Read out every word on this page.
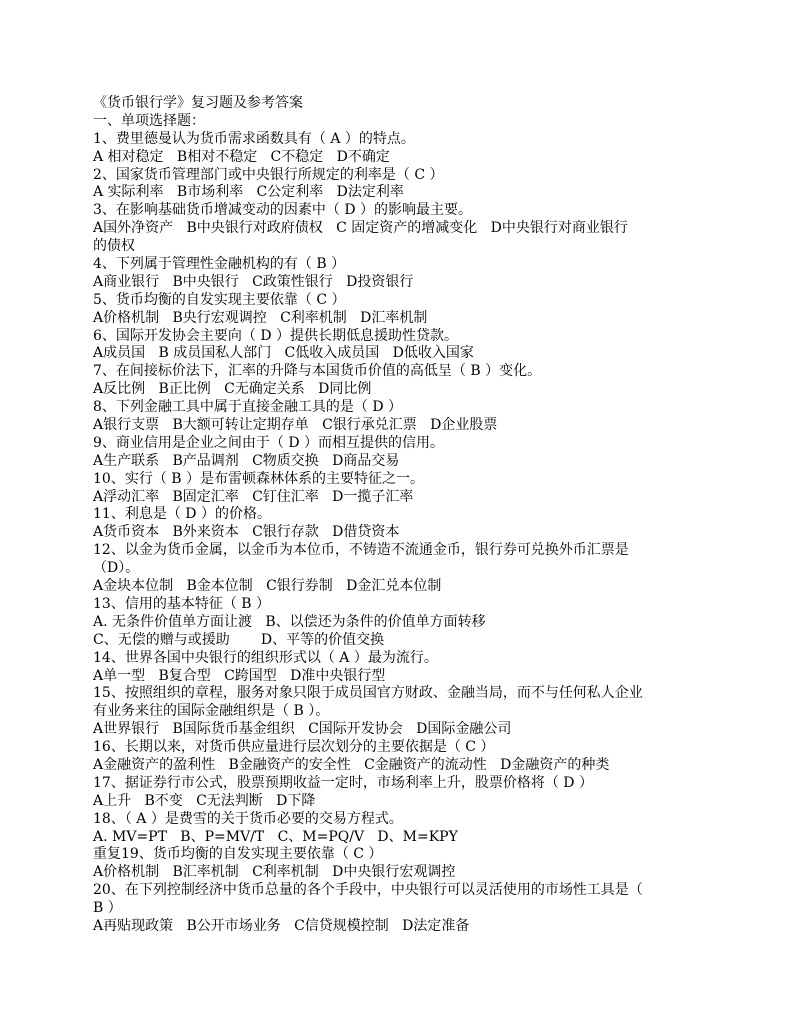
《货币银行学》复习题及参考答案
一、单项选择题：
1、费里德曼认为货币需求函数具有（ A ）的特点。
A 相对稳定   B相对不稳定   C不稳定   D不确定
2、国家货币管理部门或中央银行所规定的利率是（ C ）
A 实际利率   B市场利率   C公定利率   D法定利率
3、在影响基础货币增减变动的因素中（ D ）的影响最主要。
A国外净资产   B中央银行对政府债权   C 固定资产的增减变化   D中央银行对商业银行
的债权
4、下列属于管理性金融机构的有（ B ）
A商业银行   B中央银行   C政策性银行   D投资银行
5、货币均衡的自发实现主要依靠（ C ）
A价格机制   B央行宏观调控   C利率机制   D汇率机制
6、国际开发协会主要向（ D ）提供长期低息援助性贷款。
A成员国   B 成员国私人部门   C低收入成员国   D低收入国家
7、在间接标价法下，汇率的升降与本国货币价值的高低呈（ B ）变化。
A反比例   B正比例   C无确定关系   D同比例
8、下列金融工具中属于直接金融工具的是（ D ）
A银行支票   B大额可转让定期存单   C银行承兑汇票   D企业股票
9、商业信用是企业之间由于（ D ）而相互提供的信用。
A生产联系   B产品调剂   C物质交换   D商品交易
10、实行（ B ）是布雷顿森林体系的主要特征之一。
A浮动汇率   B固定汇率   C钉住汇率   D一揽子汇率
11、利息是（ D ）的价格。
A货币资本   B外来资本   C银行存款   D借贷资本
12、以金为货币金属，以金币为本位币，不铸造不流通金币，银行券可兑换外币汇票是
（D）。
A金块本位制   B金本位制   C银行券制   D金汇兑本位制
13、信用的基本特征（ B ）
A. 无条件价值单方面让渡   B、以偿还为条件的价值单方面转移
C、无偿的赠与或援助       D、平等的价值交换
14、世界各国中央银行的组织形式以（ A ）最为流行。
A单一型   B复合型   C跨国型   D准中央银行型
15、按照组织的章程，服务对象只限于成员国官方财政、金融当局，而不与任何私人企业
有业务来往的国际金融组织是（ B ）。
A世界银行   B国际货币基金组织   C国际开发协会   D国际金融公司
16、长期以来，对货币供应量进行层次划分的主要依据是（ C ）
A金融资产的盈利性   B金融资产的安全性   C金融资产的流动性   D金融资产的种类
17、据证券行市公式，股票预期收益一定时，市场利率上升，股票价格将（ D ）
A上升   B不变   C无法判断   D下降
18、（ A ）是费雪的关于货币必要的交易方程式。
A. MV=PT   B、P=MV/T   C、M=PQ/V   D、M=KPY
重复19、货币均衡的自发实现主要依靠（ C ）
A价格机制   B汇率机制   C利率机制   D中央银行宏观调控
20、在下列控制经济中货币总量的各个手段中，中央银行可以灵活使用的市场性工具是（
B ）
A再贴现政策   B公开市场业务   C信贷规模控制   D法定准备
